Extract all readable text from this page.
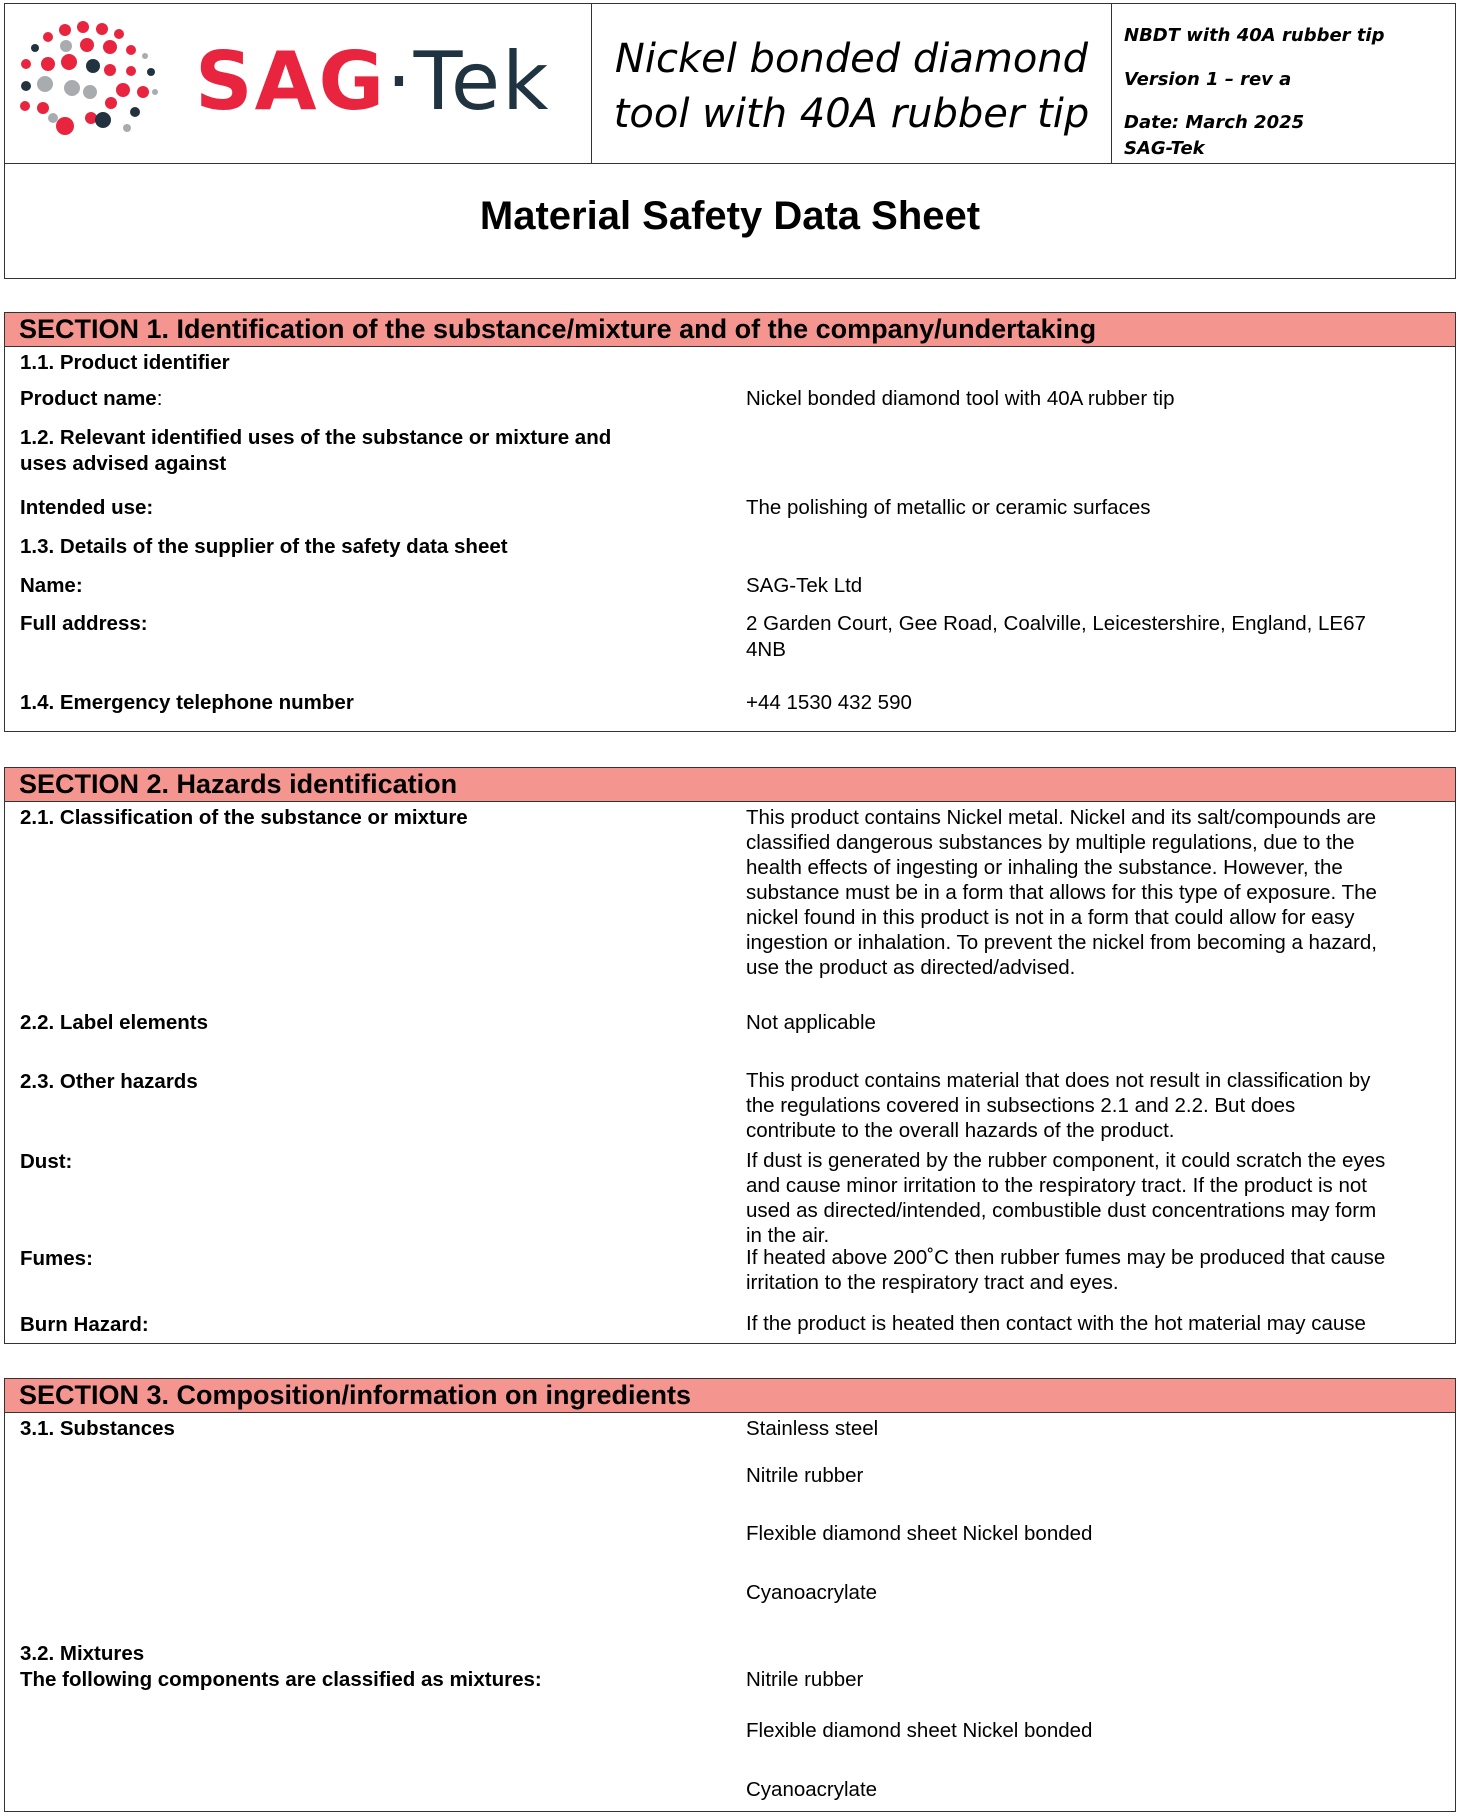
SAG·Tek	Nickel bonded diamond
tool with 40A rubber tip
NBDT with 40A rubber tip
Version 1 – rev a
Date: March 2025
SAG-Tek
Material Safety Data Sheet
SECTION 1. Identification of the substance/mixture and of the company/undertaking
1.1. Product identifier
Product name:	Nickel bonded diamond tool with 40A rubber tip
1.2. Relevant identified uses of the substance or mixture and
uses advised against
Intended use:	The polishing of metallic or ceramic surfaces
1.3. Details of the supplier of the safety data sheet
Name:	SAG-Tek Ltd
Full address:	2 Garden Court, Gee Road, Coalville, Leicestershire, England, LE67
4NB
1.4. Emergency telephone number	+44 1530 432 590
SECTION 2. Hazards identification
2.1. Classification of the substance or mixture	This product contains Nickel metal. Nickel and its salt/compounds are
classified dangerous substances by multiple regulations, due to the
health effects of ingesting or inhaling the substance. However, the
substance must be in a form that allows for this type of exposure. The
nickel found in this product is not in a form that could allow for easy
ingestion or inhalation. To prevent the nickel from becoming a hazard,
use the product as directed/advised.
2.2. Label elements	Not applicable
2.3. Other hazards	This product contains material that does not result in classification by
the regulations covered in subsections 2.1 and 2.2. But does
contribute to the overall hazards of the product.
Dust:	If dust is generated by the rubber component, it could scratch the eyes
and cause minor irritation to the respiratory tract. If the product is not
used as directed/intended, combustible dust concentrations may form
in the air.
Fumes:	If heated above 200˚C then rubber fumes may be produced that cause
irritation to the respiratory tract and eyes.
Burn Hazard:	If the product is heated then contact with the hot material may cause
SECTION 3. Composition/information on ingredients
3.1. Substances	Stainless steel
Nitrile rubber
Flexible diamond sheet Nickel bonded
Cyanoacrylate
3.2. Mixtures
The following components are classified as mixtures:	Nitrile rubber
Flexible diamond sheet Nickel bonded
Cyanoacrylate
